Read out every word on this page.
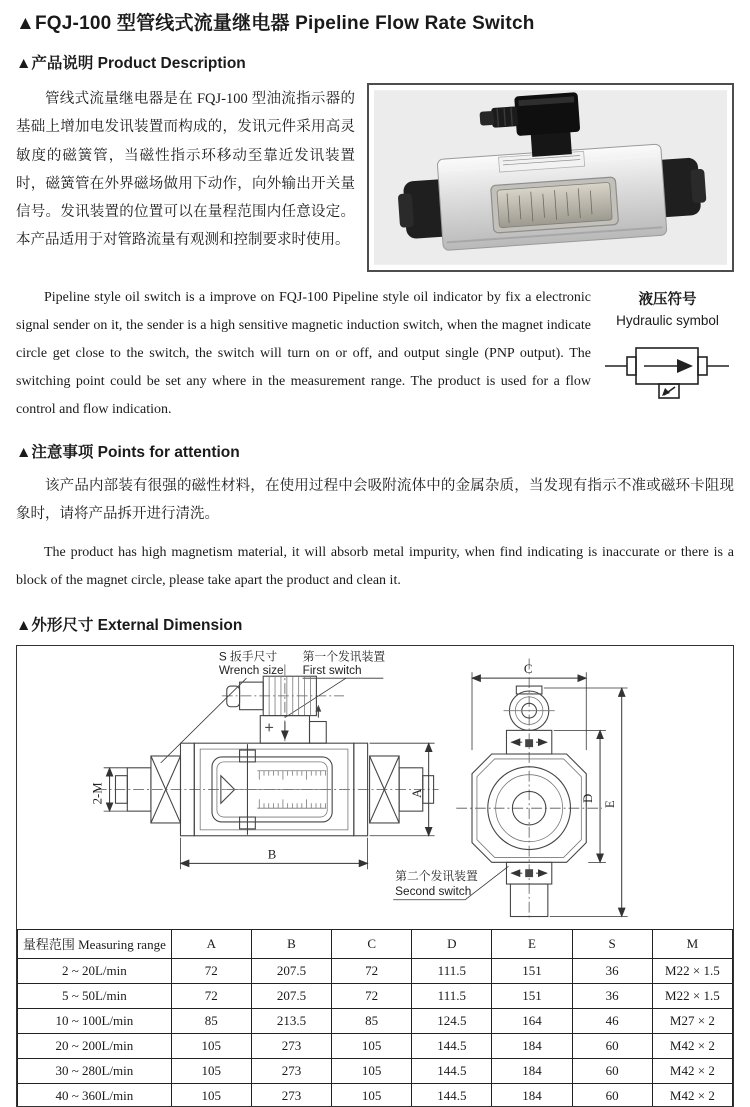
▲FQJ-100 型管线式流量继电器 Pipeline Flow Rate Switch
▲产品说明 Product Description
管线式流量继电器是在 FQJ-100 型油流指示器的基础上增加电发讯装置而构成的，发讯元件采用高灵敏度的磁簧管，当磁性指示环移动至靠近发讯装置时，磁簧管在外界磁场做用下动作，向外输出开关量信号。发讯装置的位置可以在量程范围内任意设定。本产品适用于对管路流量有观测和控制要求时使用。
Pipeline style oil switch is a improve on FQJ-100 Pipeline style oil indicator by fix a electronic signal sender on it, the sender is a high sensitive magnetic induction switch, when the magnet indicate circle get close to the switch, the switch will turn on or off, and output single (PNP output). The switching point could be set any where in the measurement range. The product is used for a flow control and flow indication.
液压符号
Hydraulic symbol
▲注意事项 Points for attention
该产品内部装有很强的磁性材料，在使用过程中会吸附流体中的金属杂质，当发现有指示不准或磁环卡阻现象时，请将产品拆开进行清洗。
The product has high magnetism material, it will absorb metal impurity, when find indicating is inaccurate or there is a block of the magnet circle, please take apart the product and clean it.
▲外形尺寸 External Dimension
S 扳手尺寸
Wrench size
第一个发讯装置
First switch
2-M
B
A
C
D
E
第二个发讯装置
Second switch
量程范围 Measuring range	A	B	C	D	E	S	M
2 ~ 20L/min	72	207.5	72	111.5	151	36	M22 × 1.5
5 ~ 50L/min	72	207.5	72	111.5	151	36	M22 × 1.5
10 ~ 100L/min	85	213.5	85	124.5	164	46	M27 × 2
20 ~ 200L/min	105	273	105	144.5	184	60	M42 × 2
30 ~ 280L/min	105	273	105	144.5	184	60	M42 × 2
40 ~ 360L/min	105	273	105	144.5	184	60	M42 × 2
